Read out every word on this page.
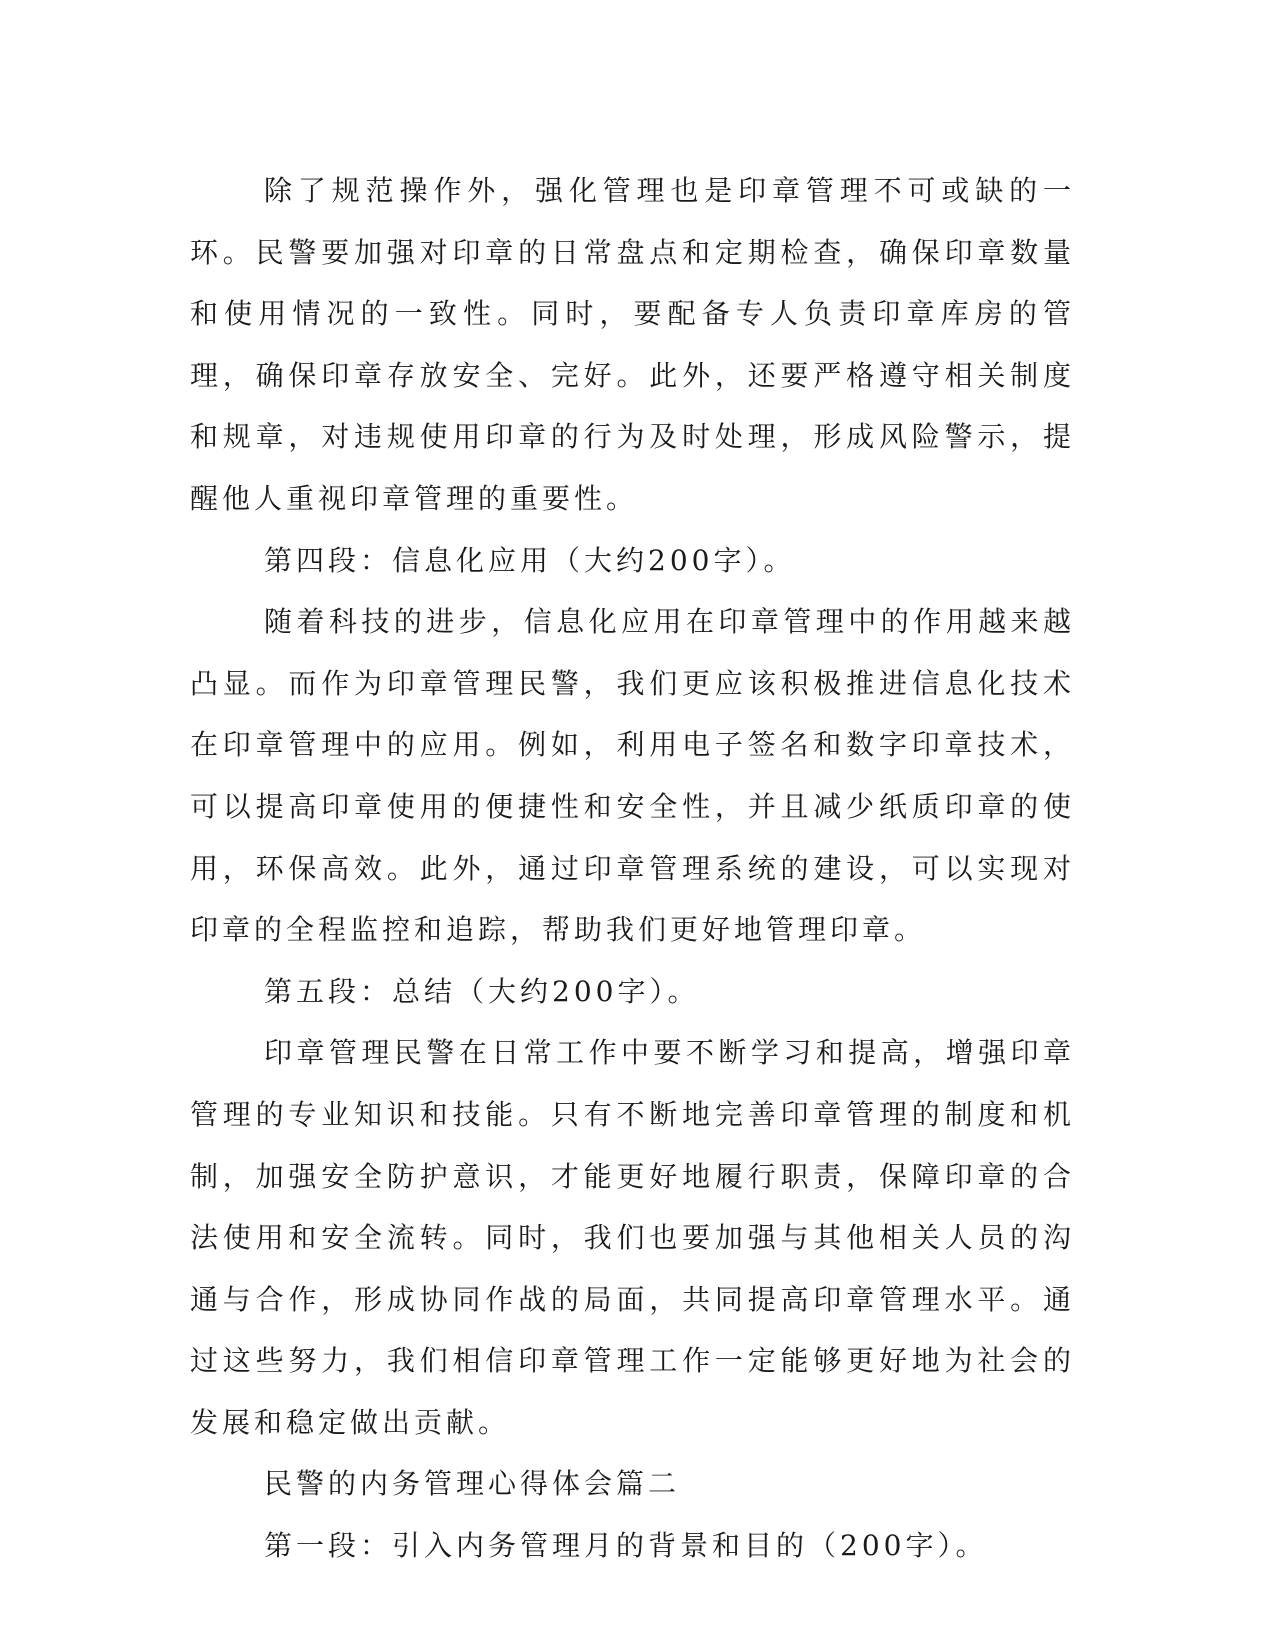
除了规范操作外，强化管理也是印章管理不可或缺的一环。民警要加强对印章的日常盘点和定期检查，确保印章数量和使用情况的一致性。同时，要配备专人负责印章库房的管理，确保印章存放安全、完好。此外，还要严格遵守相关制度和规章，对违规使用印章的行为及时处理，形成风险警示，提醒他人重视印章管理的重要性。

第四段：信息化应用（大约200字）。

随着科技的进步，信息化应用在印章管理中的作用越来越凸显。而作为印章管理民警，我们更应该积极推进信息化技术在印章管理中的应用。例如，利用电子签名和数字印章技术，可以提高印章使用的便捷性和安全性，并且减少纸质印章的使用，环保高效。此外，通过印章管理系统的建设，可以实现对印章的全程监控和追踪，帮助我们更好地管理印章。

第五段：总结（大约200字）。

印章管理民警在日常工作中要不断学习和提高，增强印章管理的专业知识和技能。只有不断地完善印章管理的制度和机制，加强安全防护意识，才能更好地履行职责，保障印章的合法使用和安全流转。同时，我们也要加强与其他相关人员的沟通与合作，形成协同作战的局面，共同提高印章管理水平。通过这些努力，我们相信印章管理工作一定能够更好地为社会的发展和稳定做出贡献。

民警的内务管理心得体会篇二

第一段：引入内务管理月的背景和目的（200字）。
